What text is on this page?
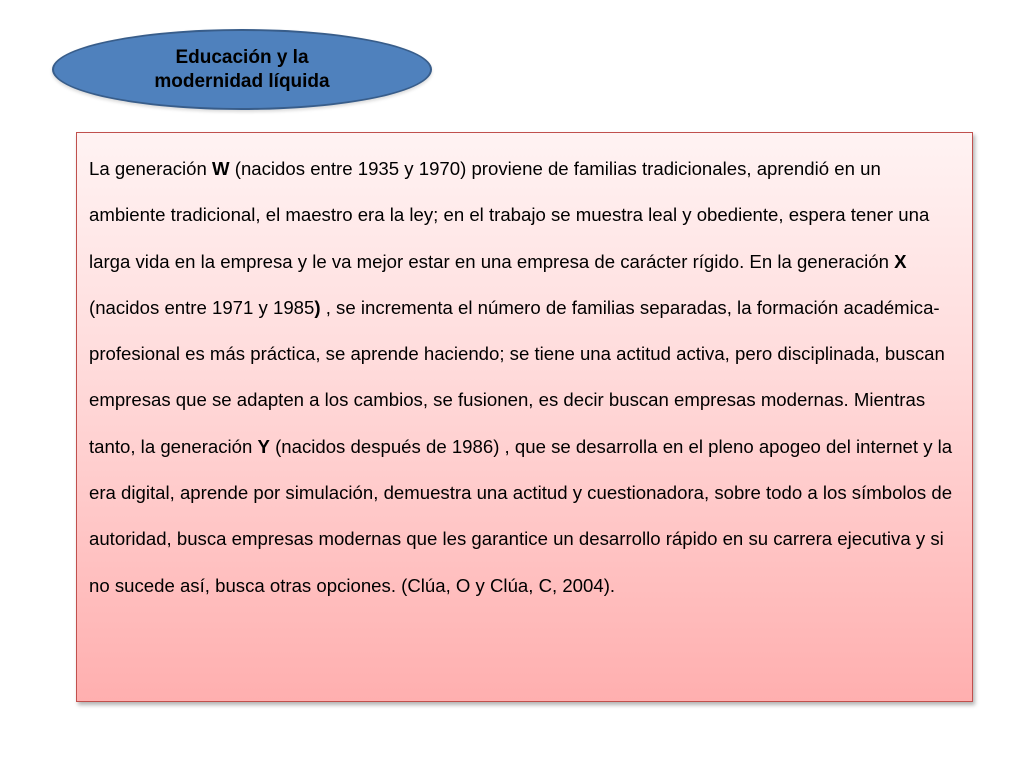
Educación y la
modernidad líquida

La generación W (nacidos entre 1935 y 1970) proviene de familias tradicionales, aprendió en un ambiente tradicional, el maestro era la ley; en el trabajo se muestra leal y obediente, espera tener una larga vida en la empresa y le va mejor estar en una empresa de carácter rígido. En la generación X (nacidos entre 1971 y 1985) , se incrementa el número de familias separadas, la formación académica-profesional es más práctica, se aprende haciendo; se tiene una actitud activa, pero disciplinada, buscan empresas que se adapten a los cambios, se fusionen, es decir buscan empresas modernas. Mientras tanto, la generación Y (nacidos después de 1986) , que se desarrolla en el pleno apogeo del internet y la era digital, aprende por simulación, demuestra una actitud y cuestionadora, sobre todo a los símbolos de autoridad, busca empresas modernas que les garantice un desarrollo rápido en su carrera ejecutiva y si no sucede así, busca otras opciones. (Clúa, O y Clúa, C, 2004).
